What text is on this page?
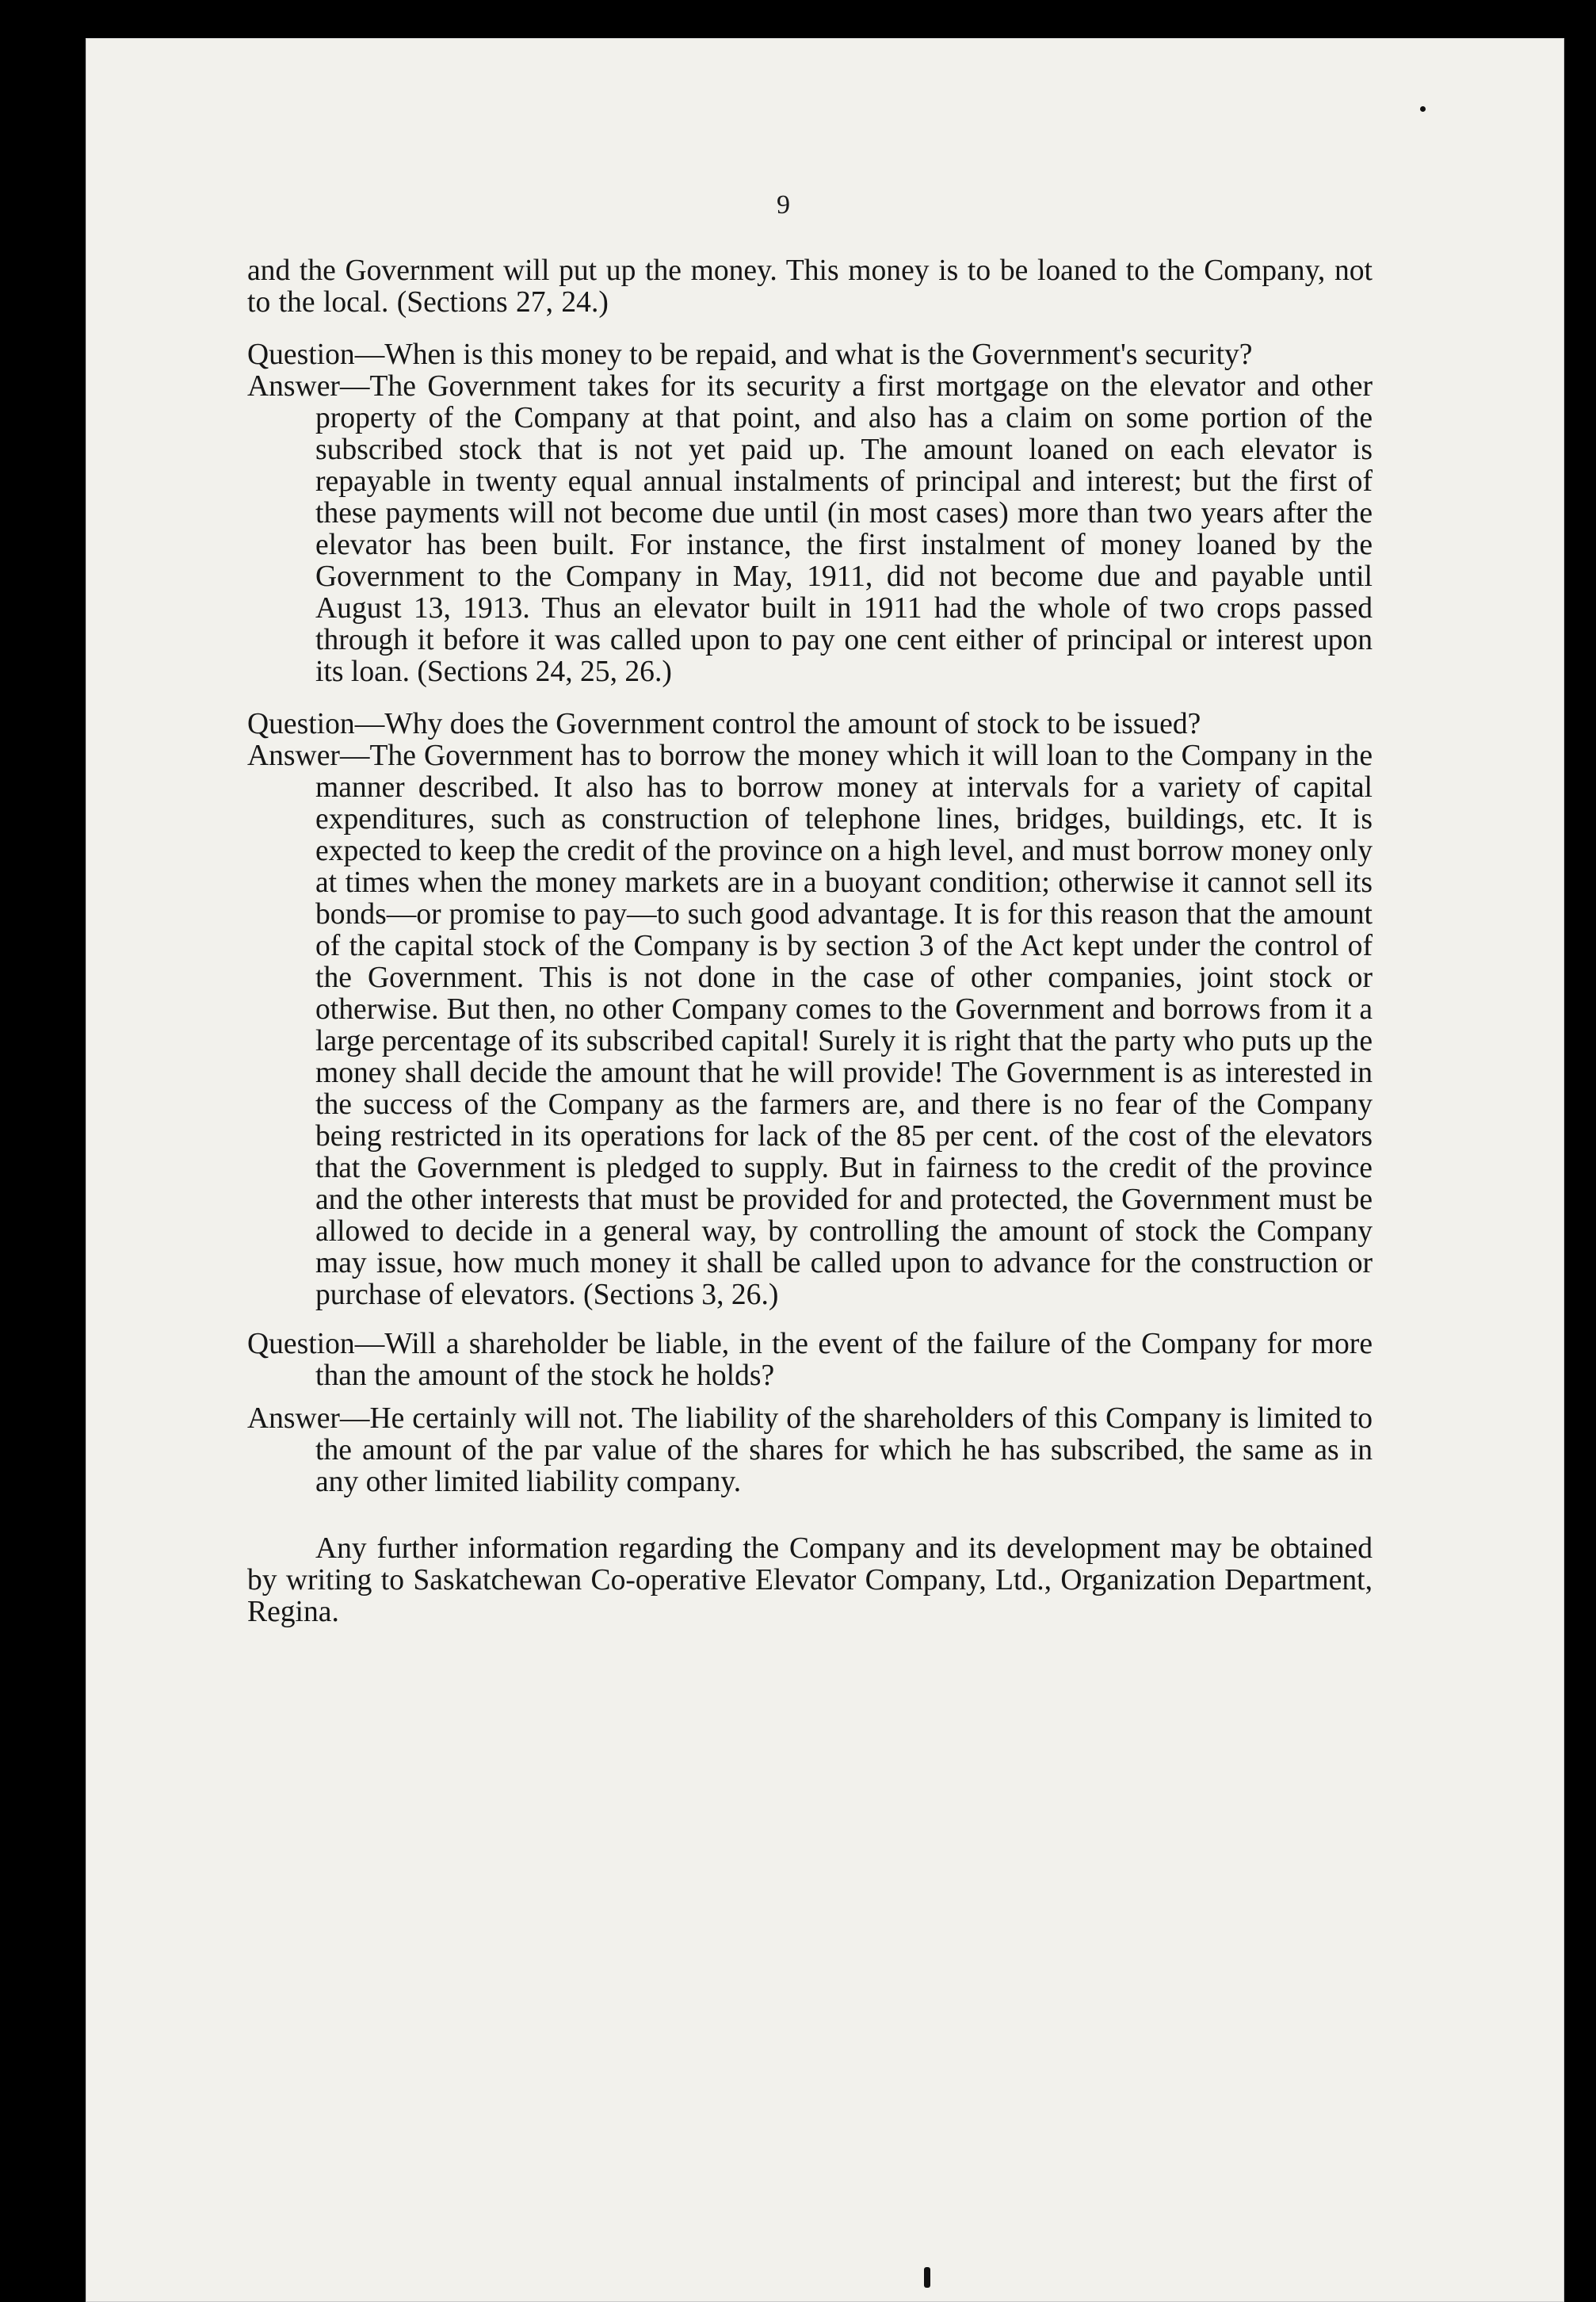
9

and the Government will put up the money. This money is to be loaned to the Company, not to the local. (Sections 27, 24.)

Question—When is this money to be repaid, and what is the Government's security?

Answer—The Government takes for its security a first mortgage on the elevator and other property of the Company at that point, and also has a claim on some portion of the subscribed stock that is not yet paid up. The amount loaned on each elevator is repayable in twenty equal annual instalments of principal and interest; but the first of these payments will not become due until (in most cases) more than two years after the elevator has been built. For instance, the first instalment of money loaned by the Government to the Company in May, 1911, did not become due and payable until August 13, 1913. Thus an elevator built in 1911 had the whole of two crops passed through it before it was called upon to pay one cent either of principal or interest upon its loan. (Sections 24, 25, 26.)

Question—Why does the Government control the amount of stock to be issued?

Answer—The Government has to borrow the money which it will loan to the Company in the manner described. It also has to borrow money at intervals for a variety of capital expenditures, such as construction of telephone lines, bridges, buildings, etc. It is expected to keep the credit of the province on a high level, and must borrow money only at times when the money markets are in a buoyant condition; otherwise it cannot sell its bonds—or promise to pay—to such good advantage. It is for this reason that the amount of the capital stock of the Company is by section 3 of the Act kept under the control of the Government. This is not done in the case of other companies, joint stock or otherwise. But then, no other Company comes to the Government and borrows from it a large percentage of its subscribed capital! Surely it is right that the party who puts up the money shall decide the amount that he will provide! The Government is as interested in the success of the Company as the farmers are, and there is no fear of the Company being restricted in its operations for lack of the 85 per cent. of the cost of the elevators that the Government is pledged to supply. But in fairness to the credit of the province and the other interests that must be provided for and protected, the Government must be allowed to decide in a general way, by controlling the amount of stock the Company may issue, how much money it shall be called upon to advance for the construction or purchase of elevators. (Sections 3, 26.)

Question—Will a shareholder be liable, in the event of the failure of the Company for more than the amount of the stock he holds?

Answer—He certainly will not. The liability of the shareholders of this Company is limited to the amount of the par value of the shares for which he has subscribed, the same as in any other limited liability company.

Any further information regarding the Company and its development may be obtained by writing to Saskatchewan Co-operative Elevator Company, Ltd., Organization Department, Regina.
